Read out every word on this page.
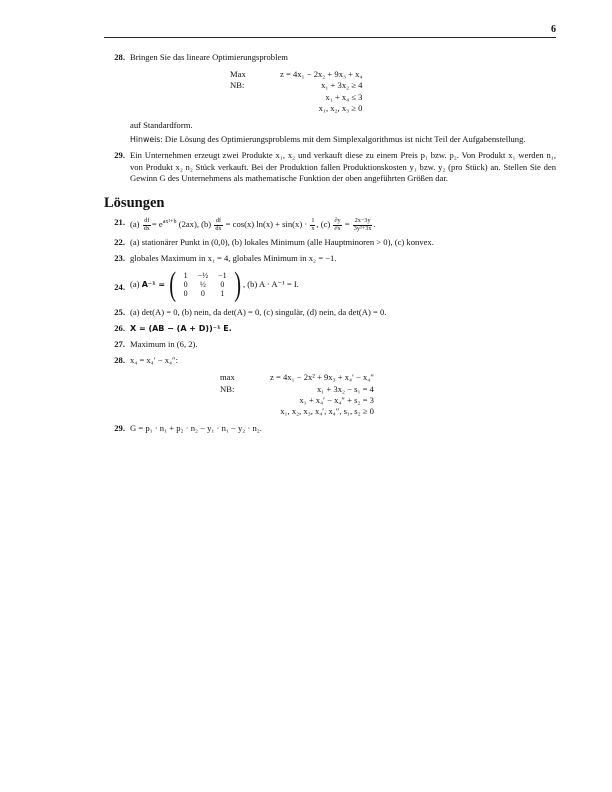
6
28. Bringen Sie das lineare Optimierungsproblem

Max	z = 4x₁ − 2x₂ + 9x₃ + x₄
NB:	x₁ + 3x₂ ≥ 4
x₁ + x₄ ≤ 3
x₁, x₂, x₃ ≥ 0

auf Standardform.

Hinweis: Die Lösung des Optimierungsproblems mit dem Simplexalgorithmus ist nicht Teil der Aufgabenstellung.

29. Ein Unternehmen erzeugt zwei Produkte x₁, x₂ und verkauft diese zu einem Preis p₁ bzw. p₂. Von Produkt x₁ werden n₁, von Produkt x₂ n₂ Stück verkauft. Bei der Produktion fallen Produktionskosten y₁ bzw. y₂ (pro Stück) an. Stellen Sie den Gewinn G des Unternehmens als mathematische Funktion der oben angeführten Größen dar.

Lösungen
21. $(a) \frac{df}{dx} = e^{ax^2+b}$ (2ax), $(b) \frac{df}{dx} = \cos(x) \ln(x) + \sin(x) \cdot \frac{1}{x}$ , $(c) \frac{\partial y}{\partial x} = \frac{2x-3y}{\text{3y²+3x}}$ .
22. (a) stationärer Punkt in (0,0), (b) lokales Minimum (alle Hauptminoren > 0), (c) konvex.

23. globales Maximum in x₁ = 4, globales Minimum in x₂ = −1.

24. (a)
A⁻¹ =
( 1	−½	−1
0	½	0
0	0	1 ) , (b) A · A⁻¹ = I.
25. (a) det(A) = 0, (b) nein, da det(A) = 0, (c) singulär, (d) nein, da det(A) = 0.

26. X = (AB − (A + D))⁻¹ E.

27. Maximum in (6, 2).

28. x₄ = x₄′ − x₄″:

max	z = 4x₁ − 2x² + 9x₃ + x₄′ − x₄″
NB:	x₁ + 3x₂ − s₁ = 4
x₁ + x₄′ − x₄″ + s₂ = 3
x₁, x₂, x₃, x₄′, x₄″, s₁, s₂ ≥ 0
29. G = p₁ · n₁ + p₂ · n₂ − y₁ · n₁ − y₂ · n₂.
